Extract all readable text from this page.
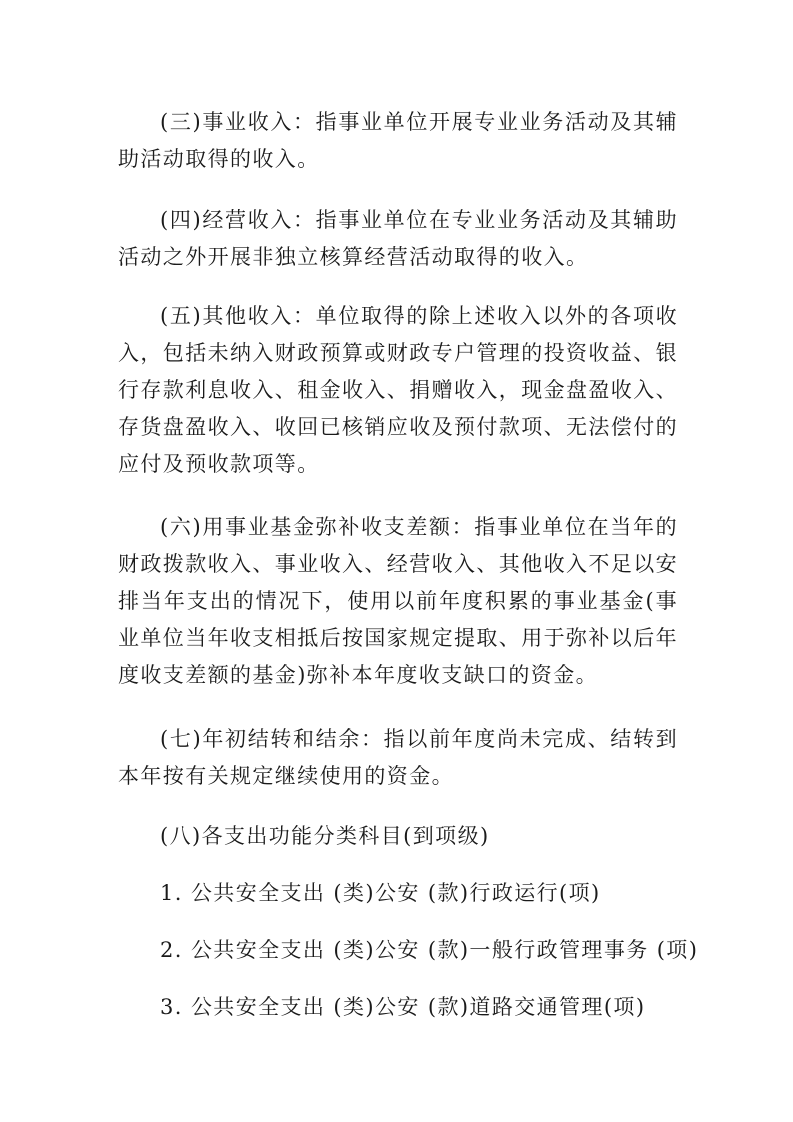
(三)事业收入：指事业单位开展专业业务活动及其辅助活动取得的收入。

(四)经营收入：指事业单位在专业业务活动及其辅助活动之外开展非独立核算经营活动取得的收入。

(五)其他收入：单位取得的除上述收入以外的各项收入，包括未纳入财政预算或财政专户管理的投资收益、银行存款利息收入、租金收入、捐赠收入，现金盘盈收入、存货盘盈收入、收回已核销应收及预付款项、无法偿付的应付及预收款项等。

(六)用事业基金弥补收支差额：指事业单位在当年的财政拨款收入、事业收入、经营收入、其他收入不足以安排当年支出的情况下，使用以前年度积累的事业基金(事业单位当年收支相抵后按国家规定提取、用于弥补以后年度收支差额的基金)弥补本年度收支缺口的资金。

(七)年初结转和结余：指以前年度尚未完成、结转到本年按有关规定继续使用的资金。

(八)各支出功能分类科目(到项级)

1. 公共安全支出 (类)公安 (款)行政运行(项)

2. 公共安全支出 (类)公安 (款)一般行政管理事务 (项)

3. 公共安全支出 (类)公安 (款)道路交通管理(项)
